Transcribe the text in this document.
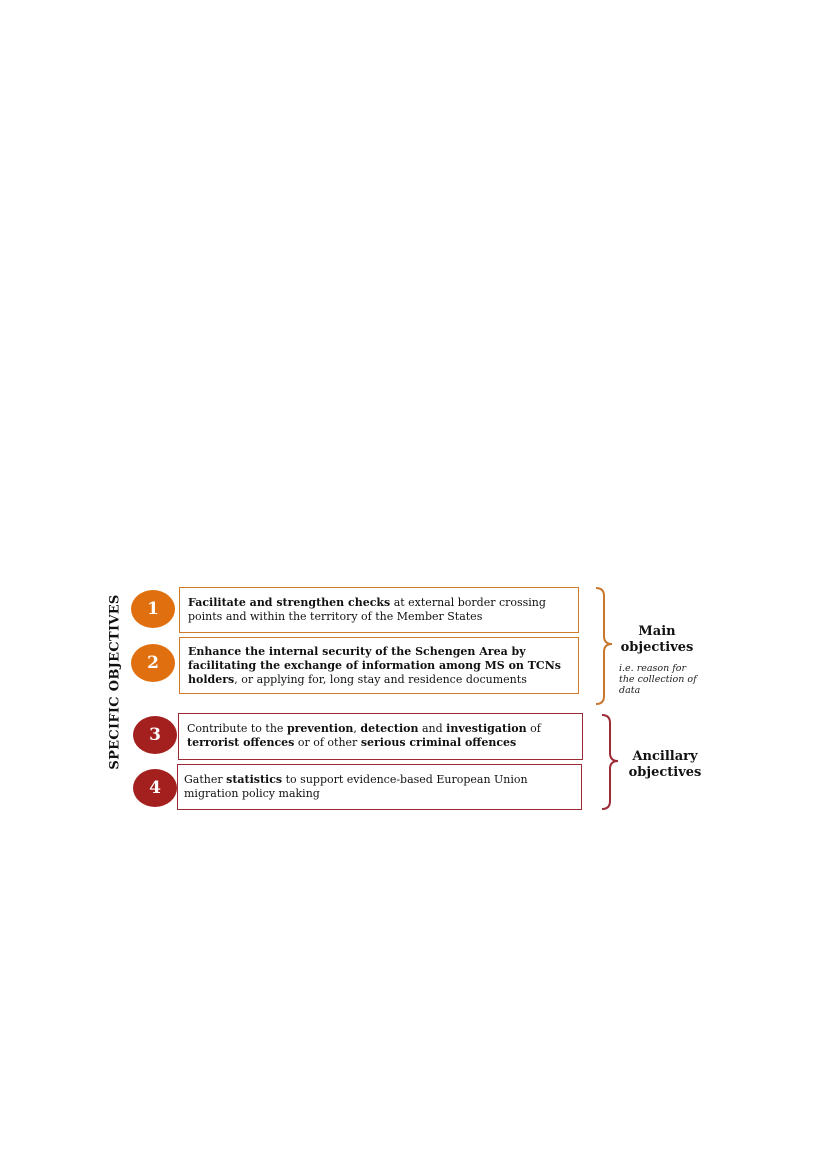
SPECIFIC OBJECTIVES 1
2
3
4
Facilitate and strengthen checks at external border crossing points and within the territory of the Member States
Enhance the internal security of the Schengen Area by facilitating the exchange of information among MS on TCNs holders, or applying for, long stay and residence documents
Contribute to the prevention, detection and investigation of terrorist offences or of other serious criminal offences
Gather statistics to support evidence-based European Union migration policy making
Main objectives
i.e. reason for the collection of data
Ancillary objectives
